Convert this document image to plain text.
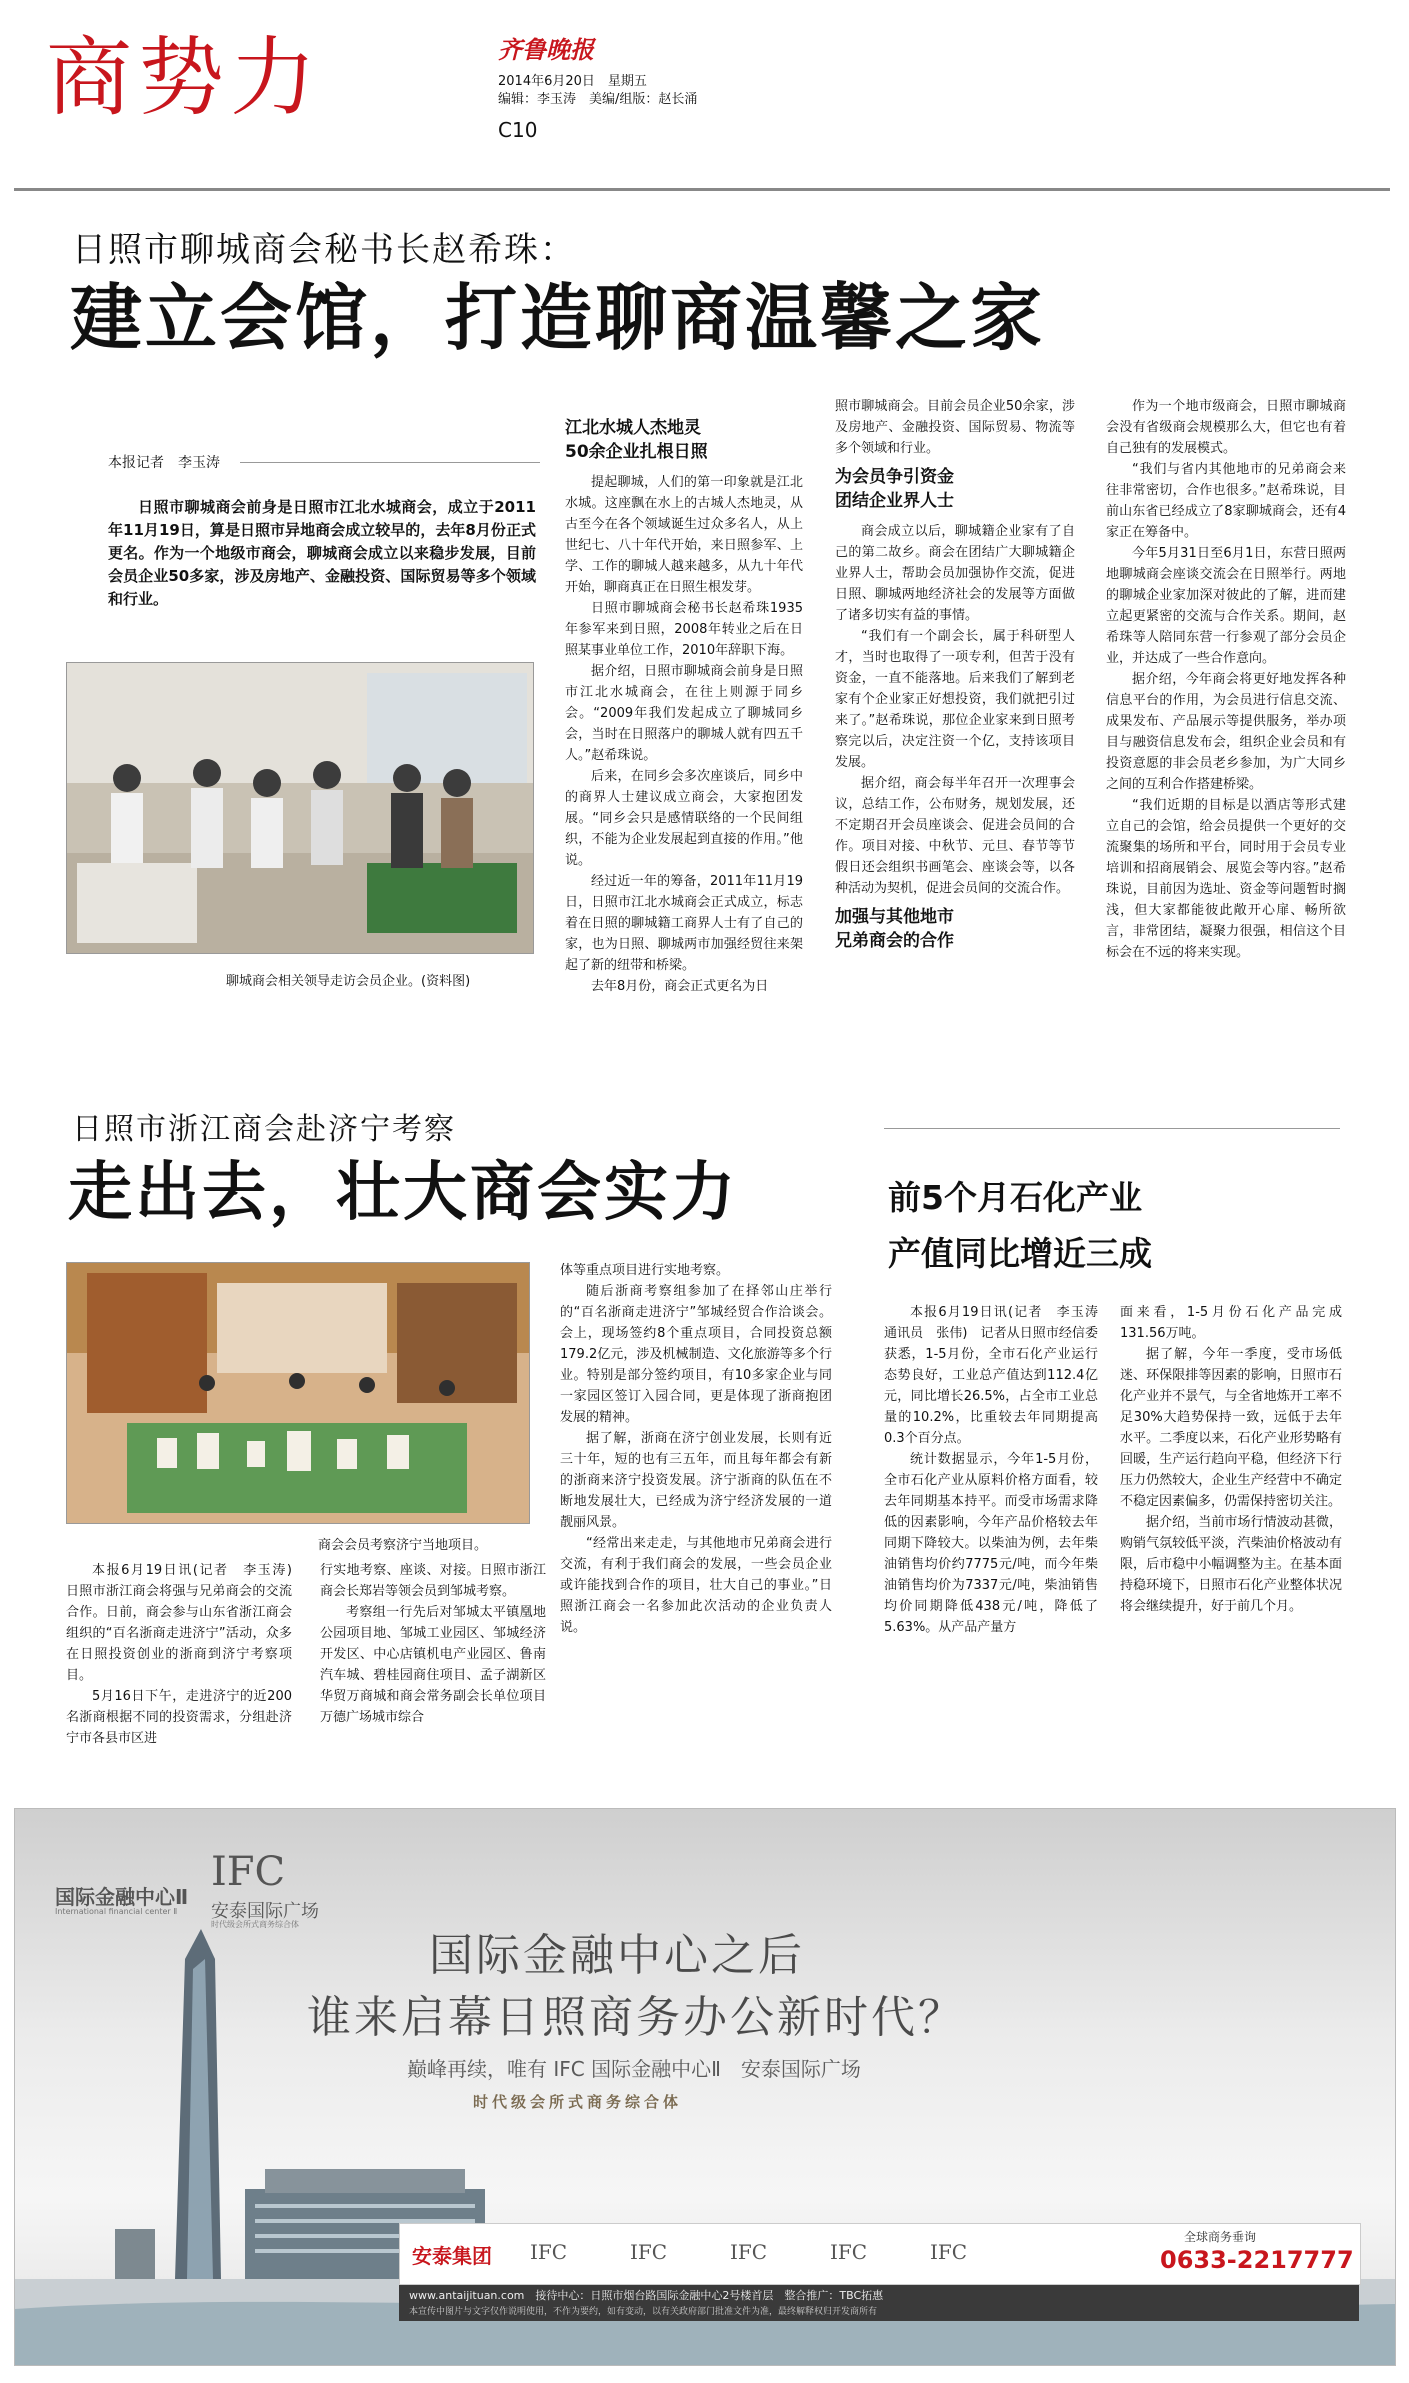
商势力	齐鲁晚报
2014年6月20日　星期五
编辑：李玉涛　美编/组版：赵长涌
C10
日照市聊城商会秘书长赵希珠：
建立会馆，打造聊商温馨之家
本报记者　李玉涛

日照市聊城商会前身是日照市江北水城商会，成立于2011年11月19日，算是日照市异地商会成立较早的，去年8月份正式更名。作为一个地级市商会，聊城商会成立以来稳步发展，目前会员企业50多家，涉及房地产、金融投资、国际贸易等多个领域和行业。

聊城商会相关领导走访会员企业。(资料图)
江北水城人杰地灵
50余企业扎根日照

提起聊城，人们的第一印象就是江北水城。这座飘在水上的古城人杰地灵，从古至今在各个领域诞生过众多名人，从上世纪七、八十年代开始，来日照参军、上学、工作的聊城人越来越多，从九十年代开始，聊商真正在日照生根发芽。

日照市聊城商会秘书长赵希珠1935年参军来到日照，2008年转业之后在日照某事业单位工作，2010年辞职下海。

据介绍，日照市聊城商会前身是日照市江北水城商会，在往上则源于同乡会。“2009年我们发起成立了聊城同乡会，当时在日照落户的聊城人就有四五千人。”赵希珠说。

后来，在同乡会多次座谈后，同乡中的商界人士建议成立商会，大家抱团发展。“同乡会只是感情联络的一个民间组织，不能为企业发展起到直接的作用。”他说。

经过近一年的筹备，2011年11月19日，日照市江北水城商会正式成立，标志着在日照的聊城籍工商界人士有了自己的家，也为日照、聊城两市加强经贸往来架起了新的纽带和桥梁。

去年8月份，商会正式更名为日

照市聊城商会。目前会员企业50余家，涉及房地产、金融投资、国际贸易、物流等多个领域和行业。

为会员争引资金
团结企业界人士

商会成立以后，聊城籍企业家有了自己的第二故乡。商会在团结广大聊城籍企业界人士，帮助会员加强协作交流，促进日照、聊城两地经济社会的发展等方面做了诸多切实有益的事情。

“我们有一个副会长，属于科研型人才，当时也取得了一项专利，但苦于没有资金，一直不能落地。后来我们了解到老家有个企业家正好想投资，我们就把引过来了。”赵希珠说，那位企业家来到日照考察完以后，决定注资一个亿，支持该项目发展。

据介绍，商会每半年召开一次理事会议，总结工作，公布财务，规划发展，还不定期召开会员座谈会、促进会员间的合作。项目对接、中秋节、元旦、春节等节假日还会组织书画笔会、座谈会等，以各种活动为契机，促进会员间的交流合作。

加强与其他地市
兄弟商会的合作

作为一个地市级商会，日照市聊城商会没有省级商会规模那么大，但它也有着自己独有的发展模式。

“我们与省内其他地市的兄弟商会来往非常密切，合作也很多。”赵希珠说，目前山东省已经成立了8家聊城商会，还有4家正在筹备中。

今年5月31日至6月1日，东营日照两地聊城商会座谈交流会在日照举行。两地的聊城企业家加深对彼此的了解，进而建立起更紧密的交流与合作关系。期间，赵希珠等人陪同东营一行参观了部分会员企业，并达成了一些合作意向。

据介绍，今年商会将更好地发挥各种信息平台的作用，为会员进行信息交流、成果发布、产品展示等提供服务，举办项目与融资信息发布会，组织企业会员和有投资意愿的非会员老乡参加，为广大同乡之间的互利合作搭建桥梁。

“我们近期的目标是以酒店等形式建立自己的会馆，给会员提供一个更好的交流聚集的场所和平台，同时用于会员专业培训和招商展销会、展览会等内容。”赵希珠说，目前因为选址、资金等问题暂时搁浅，但大家都能彼此敞开心扉、畅所欲言，非常团结，凝聚力很强，相信这个目标会在不远的将来实现。

日照市浙江商会赴济宁考察
走出去，壮大商会实力
商会会员考察济宁当地项目。

本报6月19日讯(记者　李玉涛)　日照市浙江商会将强与兄弟商会的交流合作。日前，商会参与山东省浙江商会组织的“百名浙商走进济宁”活动，众多在日照投资创业的浙商到济宁考察项目。

5月16日下午，走进济宁的近200名浙商根据不同的投资需求，分组赴济宁市各县市区进

行实地考察、座谈、对接。日照市浙江商会长郑岩等领会员到邹城考察。

考察组一行先后对邹城太平镇凰地公园项目地、邹城工业园区、邹城经济开发区、中心店镇机电产业园区、鲁南汽车城、碧桂园商住项目、孟子湖新区华贸万商城和商会常务副会长单位项目万德广场城市综合

体等重点项目进行实地考察。

随后浙商考察组参加了在择邻山庄举行的“百名浙商走进济宁”邹城经贸合作洽谈会。会上，现场签约8个重点项目，合同投资总额179.2亿元，涉及机械制造、文化旅游等多个行业。特别是部分签约项目，有10多家企业与同一家园区签订入园合同，更是体现了浙商抱团发展的精神。

据了解，浙商在济宁创业发展，长则有近三十年，短的也有三五年，而且每年都会有新的浙商来济宁投资发展。济宁浙商的队伍在不断地发展壮大，已经成为济宁经济发展的一道靓丽风景。

“经常出来走走，与其他地市兄弟商会进行交流，有利于我们商会的发展，一些会员企业或许能找到合作的项目，壮大自己的事业。”日照浙江商会一名参加此次活动的企业负责人说。

前5个月石化产业
产值同比增近三成

本报6月19日讯(记者　李玉涛　通讯员　张伟)　记者从日照市经信委获悉，1-5月份，全市石化产业运行态势良好，工业总产值达到112.4亿元，同比增长26.5%，占全市工业总量的10.2%，比重较去年同期提高0.3个百分点。

统计数据显示，今年1-5月份，全市石化产业从原料价格方面看，较去年同期基本持平。而受市场需求降低的因素影响，今年产品价格较去年同期下降较大。以柴油为例，去年柴油销售均价约7775元/吨，而今年柴油销售均价为7337元/吨，柴油销售均价同期降低438元/吨，降低了5.63%。从产品产量方

面来看，1-5月份石化产品完成131.56万吨。

据了解，今年一季度，受市场低迷、环保限排等因素的影响，日照市石化产业并不景气，与全省地炼开工率不足30%大趋势保持一致，远低于去年水平。二季度以来，石化产业形势略有回暖，生产运行趋向平稳，但经济下行压力仍然较大，企业生产经营中不确定不稳定因素偏多，仍需保持密切关注。

据介绍，当前市场行情波动甚微，购销气氛较低平淡，汽柴油价格波动有限，后市稳中小幅调整为主。在基本面持稳环境下，日照市石化产业整体状况将会继续提升，好于前几个月。

国际金融中心Ⅱ
International financial center Ⅱ
IFC
安泰国际广场
时代级会所式商务综合体
国际金融中心之后
谁来启幕日照商务办公新时代？
巅峰再续，唯有 IFC 国际金融中心Ⅱ　安泰国际广场
时代级会所式商务综合体
安泰集团 IFC	IFC	IFC	IFC	IFC
全球商务垂询
0633-2217777
www.antaijituan.com　接待中心：日照市烟台路国际金融中心2号楼首层　整合推广：TBC拓惠
本宣传中图片与文字仅作说明使用，不作为要约，如有变动，以有关政府部门批准文件为准，最终解释权归开发商所有
